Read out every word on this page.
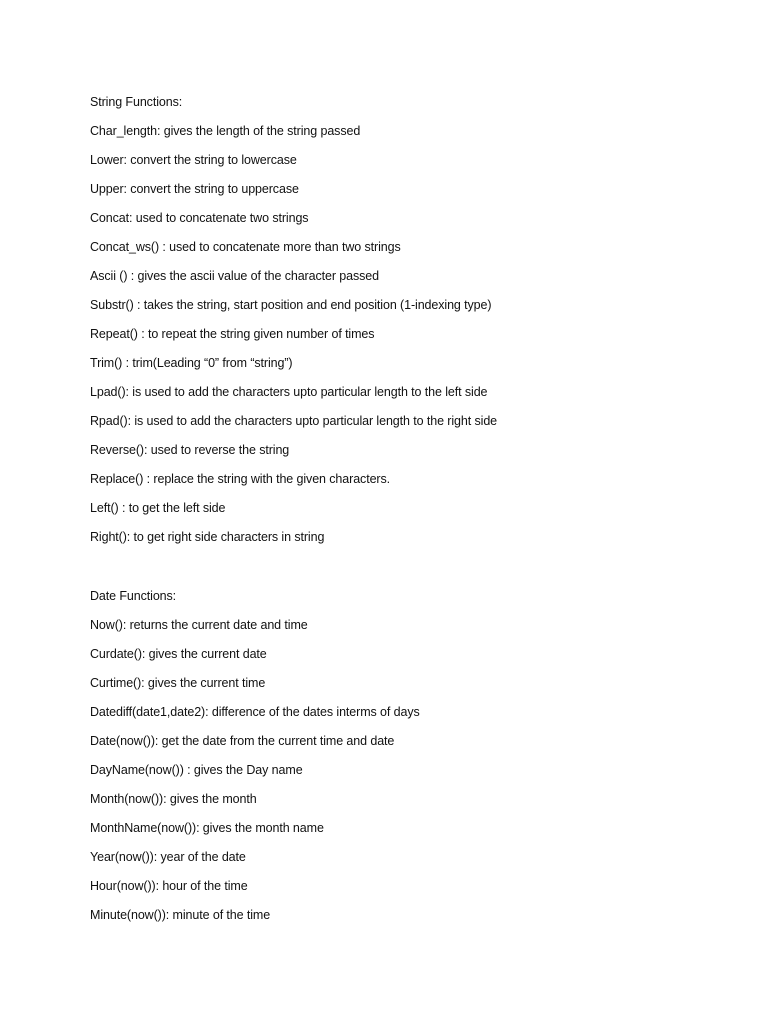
String Functions:
Char_length: gives the length of the string passed
Lower: convert the string to lowercase
Upper: convert the string to uppercase
Concat: used to concatenate two strings
Concat_ws() : used to concatenate more than two strings
Ascii () : gives the ascii value of the character passed
Substr() : takes the string, start position and end position (1-indexing type)
Repeat() : to repeat the string given number of times
Trim() : trim(Leading “0” from “string”)
Lpad(): is used to add the characters upto particular length to the left side
Rpad(): is used to add the characters upto particular length to the right side
Reverse(): used to reverse the string
Replace() : replace the string with the given characters.
Left() : to get the left side
Right(): to get right side characters in string
Date Functions:
Now(): returns the current date and time
Curdate(): gives the current date
Curtime(): gives the current time
Datediff(date1,date2): difference of the dates interms of days
Date(now()): get the date from the current time and date
DayName(now()) : gives the Day name
Month(now()): gives the month
MonthName(now()): gives the month name
Year(now()): year of the date
Hour(now()): hour of the time
Minute(now()): minute of the time
